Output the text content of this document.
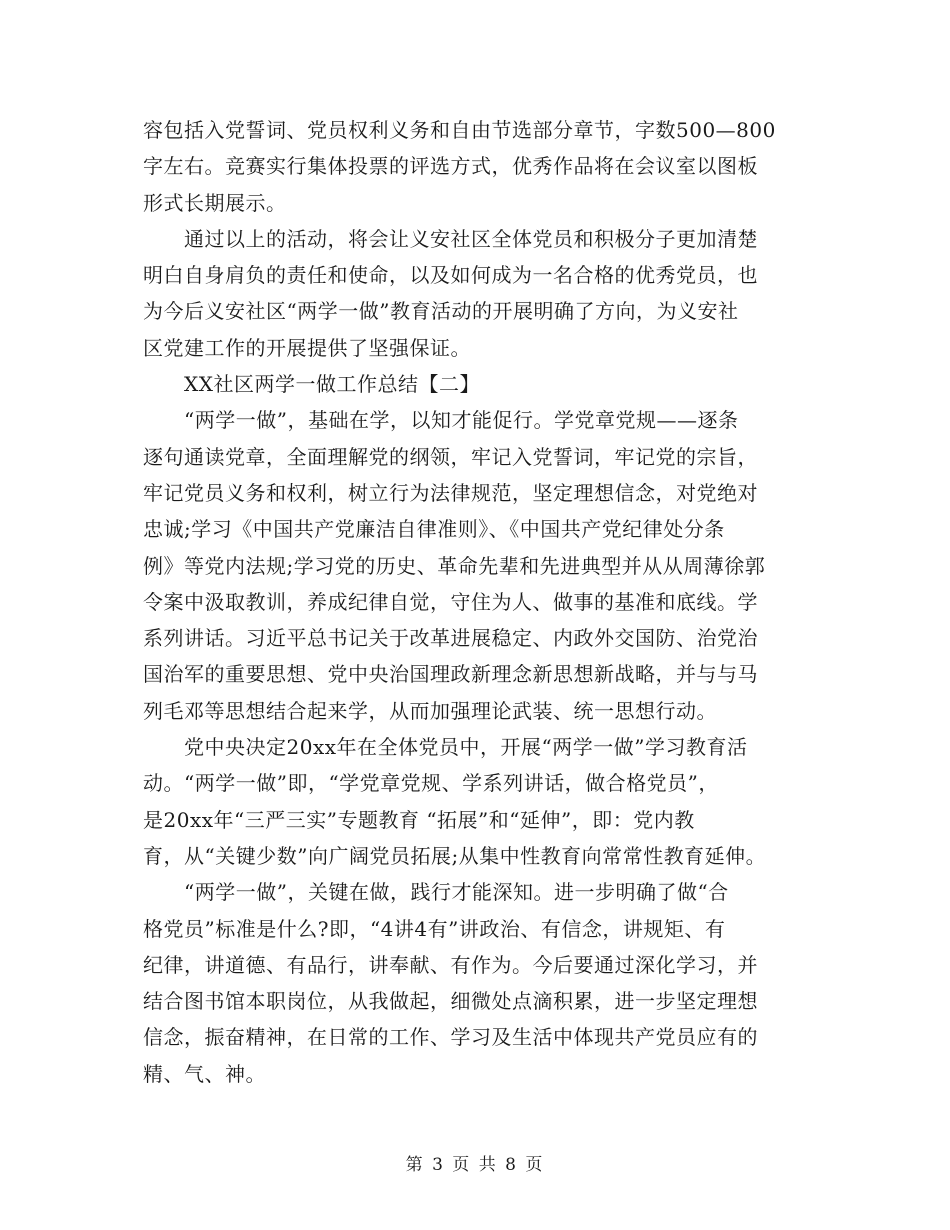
容包括入党誓词、党员权利义务和自由节选部分章节，字数500—800
字左右。竞赛实行集体投票的评选方式，优秀作品将在会议室以图板
形式长期展示。
　　通过以上的活动，将会让义安社区全体党员和积极分子更加清楚
明白自身肩负的责任和使命，以及如何成为一名合格的优秀党员，也
为今后义安社区“两学一做”教育活动的开展明确了方向，为义安社
区党建工作的开展提供了坚强保证。
　　XX社区两学一做工作总结【二】
　　“两学一做”，基础在学，以知才能促行。学党章党规——逐条
逐句通读党章，全面理解党的纲领，牢记入党誓词，牢记党的宗旨，
牢记党员义务和权利，树立行为法律规范，坚定理想信念，对党绝对
忠诚;学习《中国共产党廉洁自律准则》、《中国共产党纪律处分条
例》等党内法规;学习党的历史、革命先辈和先进典型并从从周薄徐郭
令案中汲取教训，养成纪律自觉，守住为人、做事的基准和底线。学
系列讲话。习近平总书记关于改革进展稳定、内政外交国防、治党治
国治军的重要思想、党中央治国理政新理念新思想新战略，并与与马
列毛邓等思想结合起来学，从而加强理论武装、统一思想行动。
　　党中央决定20xx年在全体党员中，开展“两学一做”学习教育活
动。“两学一做”即，“学党章党规、学系列讲话，做合格党员”，
是20xx年“三严三实”专题教育 “拓展”和“延伸”，即：党内教
育，从“关键少数”向广阔党员拓展;从集中性教育向常常性教育延伸。
　　“两学一做”，关键在做，践行才能深知。进一步明确了做“合
格党员”标准是什么?即，“4讲4有”讲政治、有信念，讲规矩、有
纪律，讲道德、有品行，讲奉献、有作为。今后要通过深化学习，并
结合图书馆本职岗位，从我做起，细微处点滴积累，进一步坚定理想
信念，振奋精神，在日常的工作、学习及生活中体现共产党员应有的
精、气、神。
第 3 页 共 8 页
